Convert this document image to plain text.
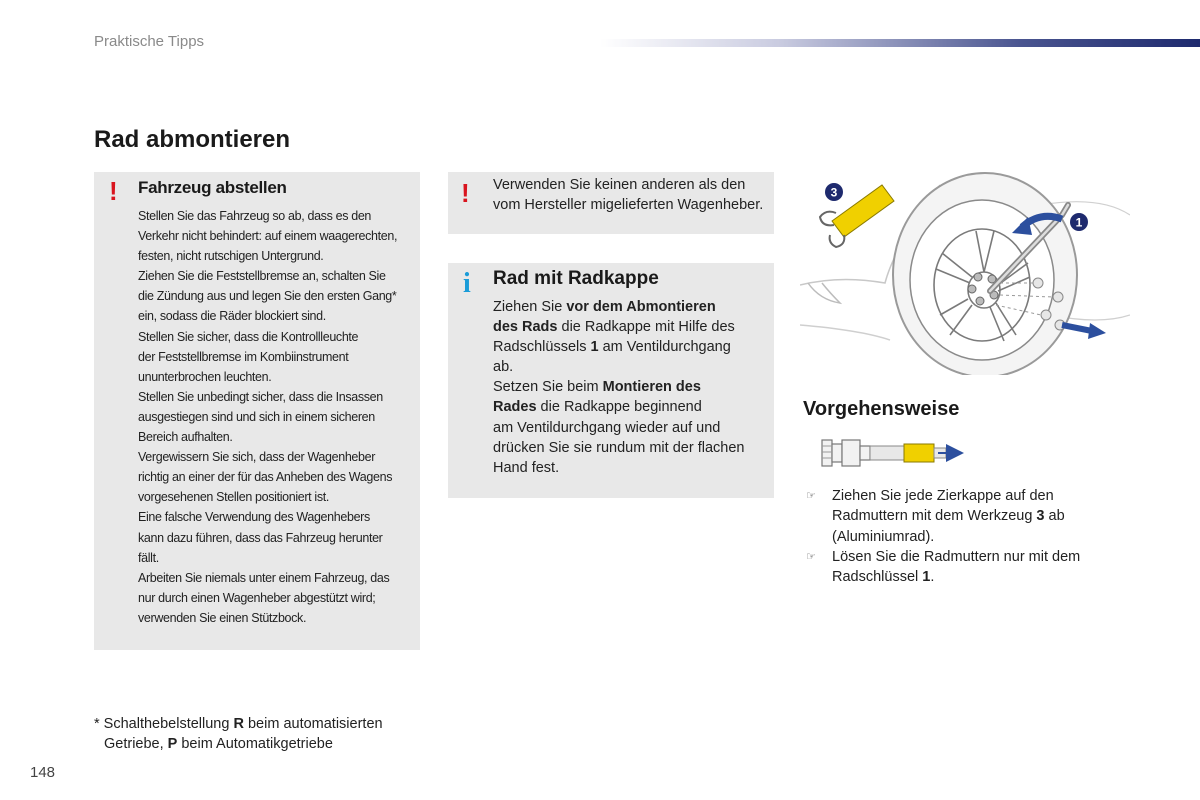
Praktische Tipps
Rad abmontieren
! Fahrzeug abstellen
Stellen Sie das Fahrzeug so ab, dass es den
Verkehr nicht behindert: auf einem waagerechten,
festen, nicht rutschigen Untergrund.
Ziehen Sie die Feststellbremse an, schalten Sie
die Zündung aus und legen Sie den ersten Gang*
ein, sodass die Räder blockiert sind.
Stellen Sie sicher, dass die Kontrollleuchte
der Feststellbremse im Kombiinstrument
ununterbrochen leuchten.
Stellen Sie unbedingt sicher, dass die Insassen
ausgestiegen sind und sich in einem sicheren
Bereich aufhalten.
Vergewissern Sie sich, dass der Wagenheber
richtig an einer der für das Anheben des Wagens
vorgesehenen Stellen positioniert ist.
Eine falsche Verwendung des Wagenhebers
kann dazu führen, dass das Fahrzeug herunter
fällt.
Arbeiten Sie niemals unter einem Fahrzeug, das
nur durch einen Wagenheber abgestützt wird;
verwenden Sie einen Stützbock.
! Verwenden Sie keinen anderen als den
vom Hersteller migelieferten Wagenheber.
i Rad mit Radkappe
Ziehen Sie vor dem Abmontieren
des Rads die Radkappe mit Hilfe des
Radschlüssels 1 am Ventildurchgang
ab.
Setzen Sie beim Montieren des
Rades die Radkappe beginnend
am Ventildurchgang wieder auf und
drücken Sie sie rundum mit der flachen
Hand fest.
3
1
Vorgehensweise
☞ Ziehen Sie jede Zierkappe auf den
Radmuttern mit dem Werkzeug 3 ab
(Aluminiumrad).
☞ Lösen Sie die Radmuttern nur mit dem
Radschlüssel 1.
* Schalthebelstellung R beim automatisierten
Getriebe, P beim Automatikgetriebe
148
